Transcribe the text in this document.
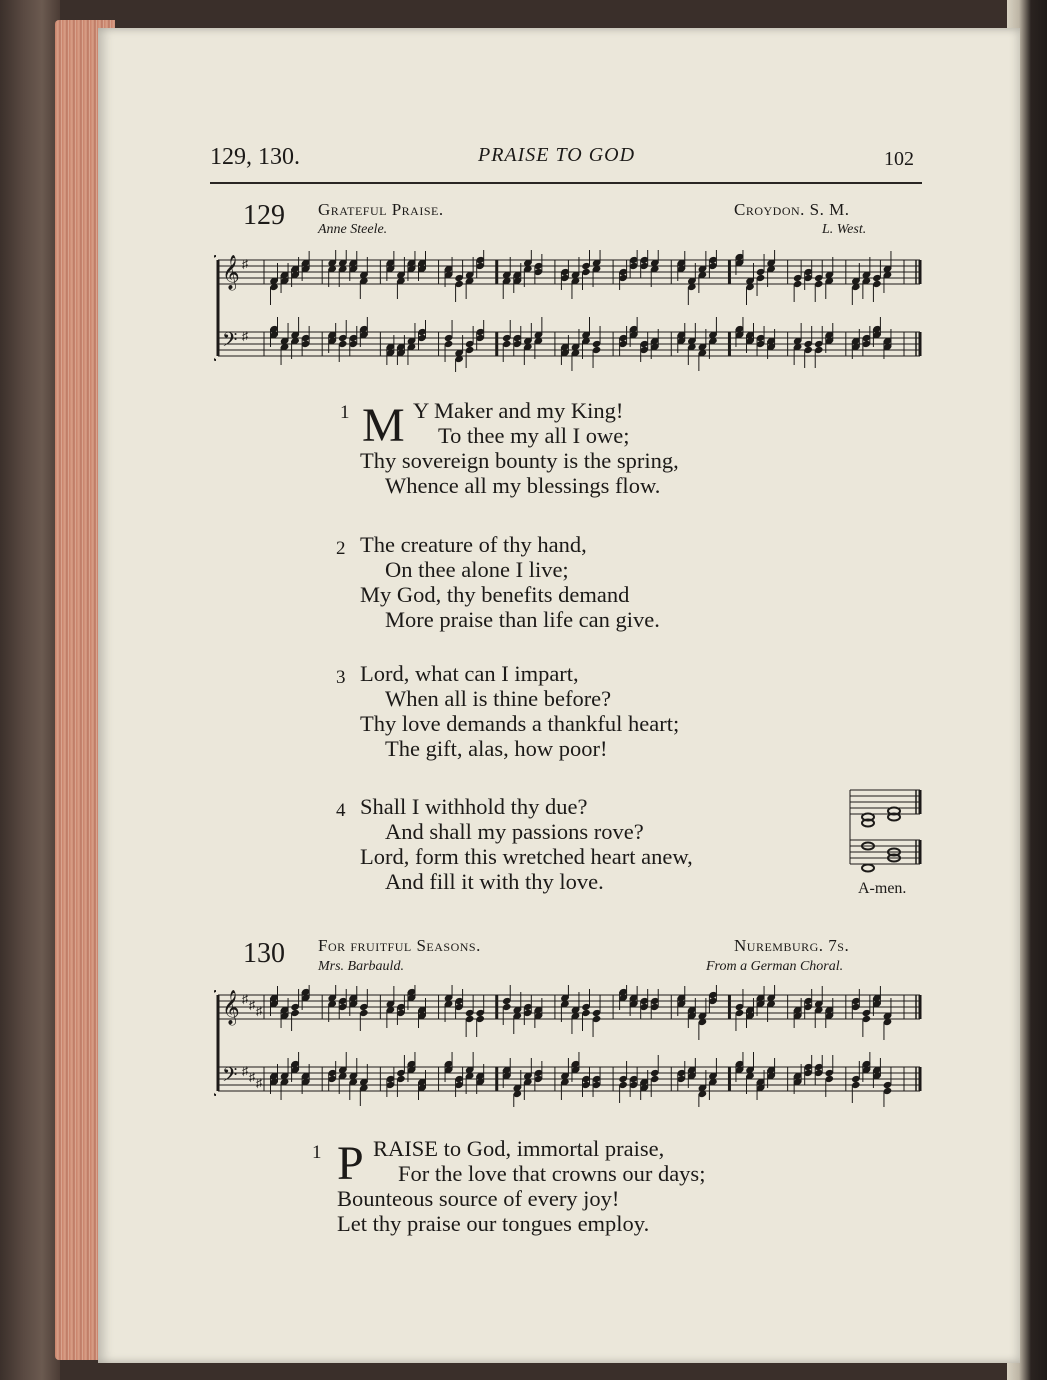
129, 130.	PRAISE TO GOD	102
129 Grateful Praise.
Anne Steele.
Croydon. S. M.
L. West.
𝄞
𝄢
♯
♯
1 M Y Maker and my King!
To thee my all I owe;
Thy sovereign bounty is the spring,
Whence all my blessings flow.
2 The creature of thy hand,
On thee alone I live;
My God, thy benefits demand
More praise than life can give.
3 Lord, what can I impart,
When all is thine before?
Thy love demands a thankful heart;
The gift, alas, how poor!
4 Shall I withhold thy due?
And shall my passions rove?
Lord, form this wretched heart anew,
And fill it with thy love.	A-men.
130 For fruitful Seasons.
Mrs. Barbauld.
Nuremburg. 7s.
From a German Choral.
𝄞
𝄢
♯ ♯ ♯
♯ ♯ ♯
1 P RAISE to God, immortal praise,
For the love that crowns our days;
Bounteous source of every joy!
Let thy praise our tongues employ.
